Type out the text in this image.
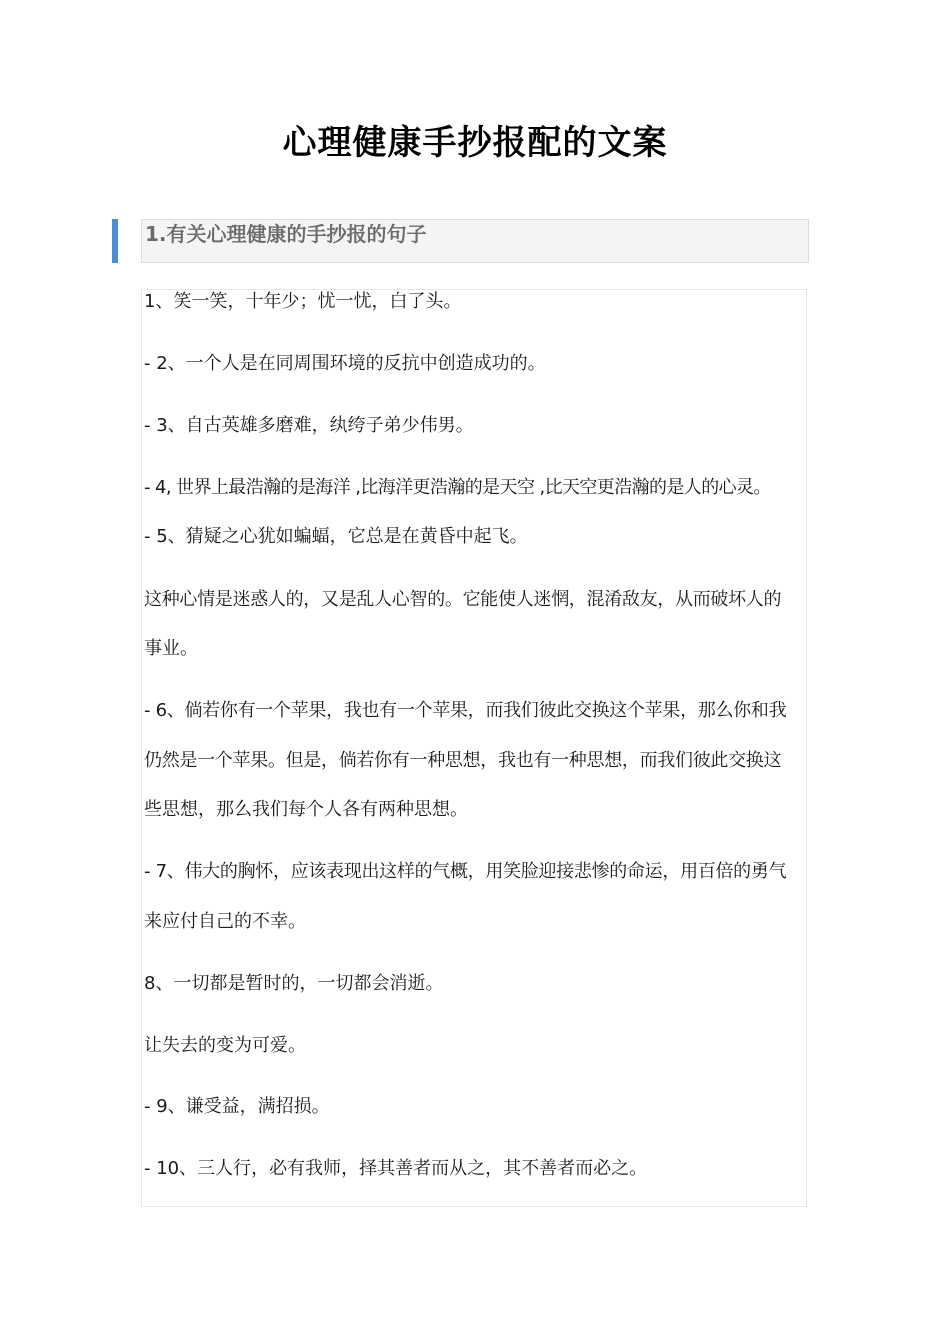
心理健康手抄报配的文案
1.有关心理健康的手抄报的句子
1、笑一笑，十年少；忧一忧，白了头。
- 2、一个人是在同周围环境的反抗中创造成功的。
- 3、自古英雄多磨难，纨绔子弟少伟男。
- 4, 世界上最浩瀚的是海洋 ,比海洋更浩瀚的是天空 ,比天空更浩瀚的是人的心灵。
- 5、猜疑之心犹如蝙蝠，它总是在黄昏中起飞。
这种心情是迷惑人的，又是乱人心智的。它能使人迷惘，混淆敌友，从而破坏人的
事业。
- 6、倘若你有一个苹果，我也有一个苹果，而我们彼此交换这个苹果，那么你和我
仍然是一个苹果。但是，倘若你有一种思想，我也有一种思想，而我们彼此交换这
些思想，那么我们每个人各有两种思想。
- 7、伟大的胸怀，应该表现出这样的气概，用笑脸迎接悲惨的命运，用百倍的勇气
来应付自己的不幸。
8、一切都是暂时的，一切都会消逝。
让失去的变为可爱。
- 9、谦受益，满招损。
- 10、三人行，必有我师，择其善者而从之，其不善者而必之。
